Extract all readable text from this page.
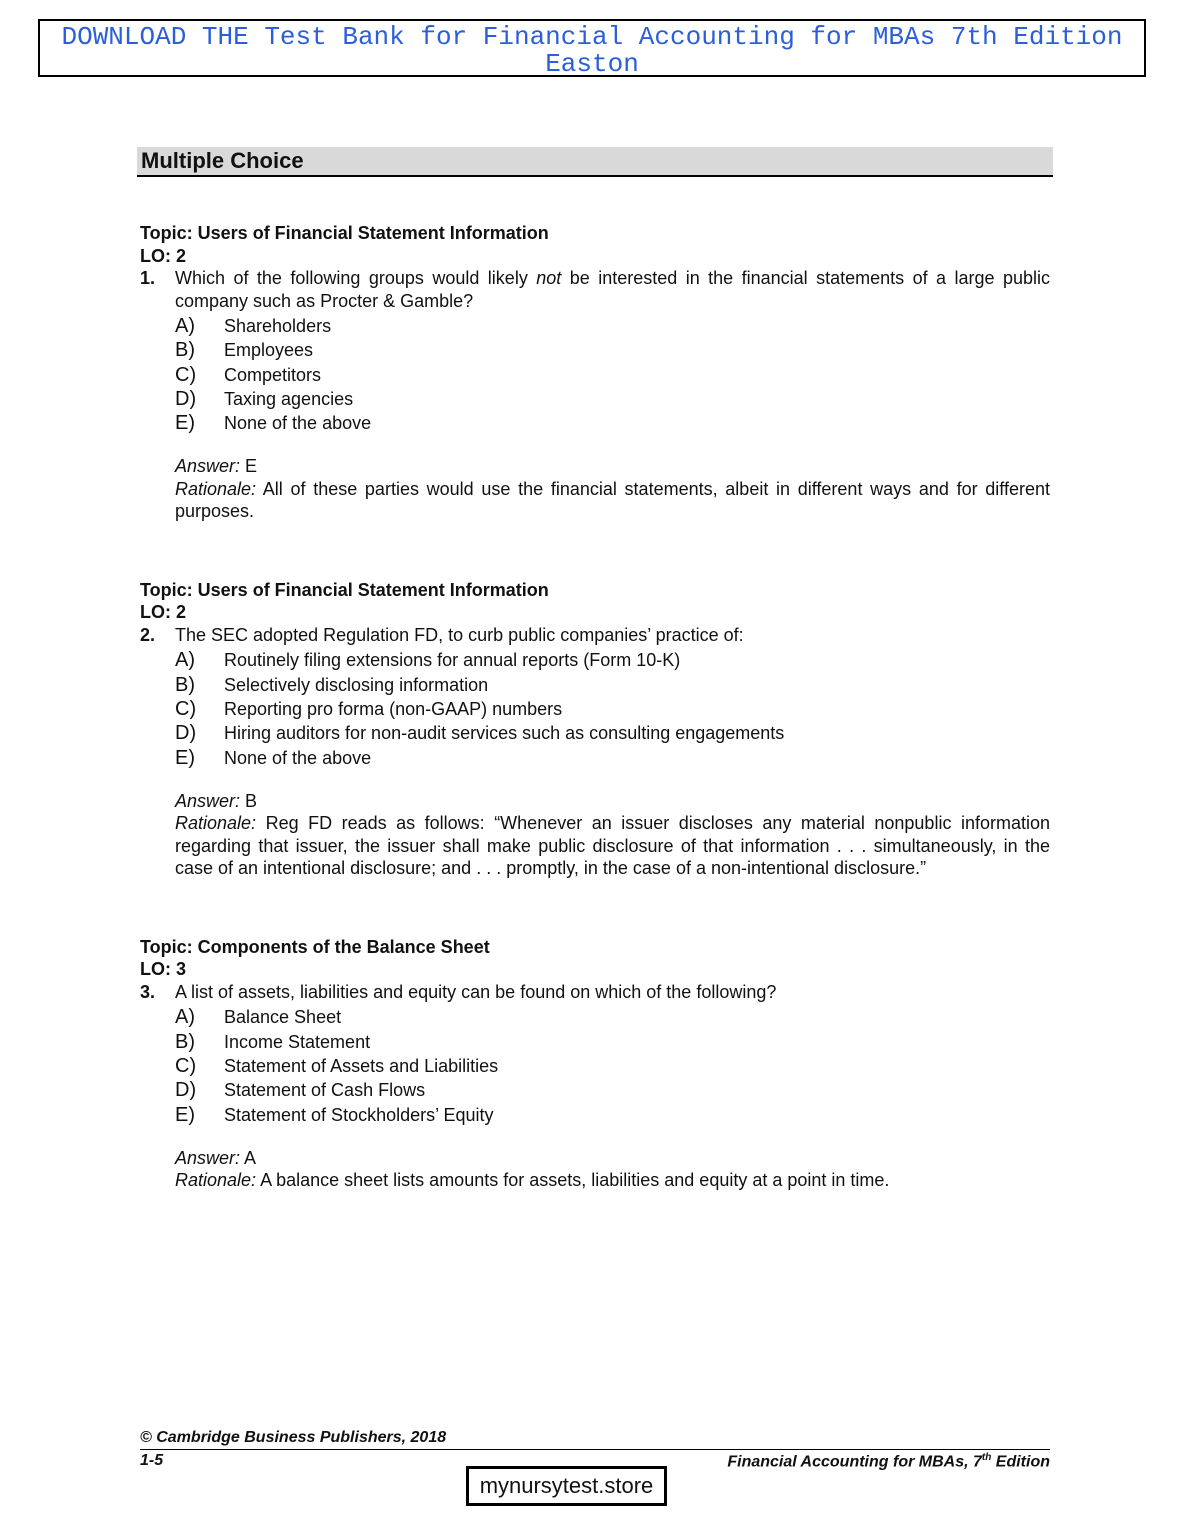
DOWNLOAD THE Test Bank for Financial Accounting for MBAs 7th Edition Easton
Multiple Choice
Topic: Users of Financial Statement Information
LO: 2
1.	Which of the following groups would likely not be interested in the financial statements of a large public company such as Procter & Gamble?
A)	Shareholders
B)	Employees
C)	Competitors
D)	Taxing agencies
E)	None of the above
Answer: E
Rationale: All of these parties would use the financial statements, albeit in different ways and for different purposes.
Topic: Users of Financial Statement Information
LO: 2
2.	The SEC adopted Regulation FD, to curb public companies’ practice of:
A)	Routinely filing extensions for annual reports (Form 10-K)
B)	Selectively disclosing information
C)	Reporting pro forma (non-GAAP) numbers
D)	Hiring auditors for non-audit services such as consulting engagements
E)	None of the above
Answer: B
Rationale: Reg FD reads as follows: “Whenever an issuer discloses any material nonpublic information regarding that issuer, the issuer shall make public disclosure of that information . . . simultaneously, in the case of an intentional disclosure; and . . . promptly, in the case of a non-intentional disclosure.”
Topic: Components of the Balance Sheet
LO: 3
3.	A list of assets, liabilities and equity can be found on which of the following?
A)	Balance Sheet
B)	Income Statement
C)	Statement of Assets and Liabilities
D)	Statement of Cash Flows
E)	Statement of Stockholders’ Equity
Answer: A
Rationale: A balance sheet lists amounts for assets, liabilities and equity at a point in time.
© Cambridge Business Publishers, 2018
1-5	Financial Accounting for MBAs, 7th Edition
mynursytest.store
